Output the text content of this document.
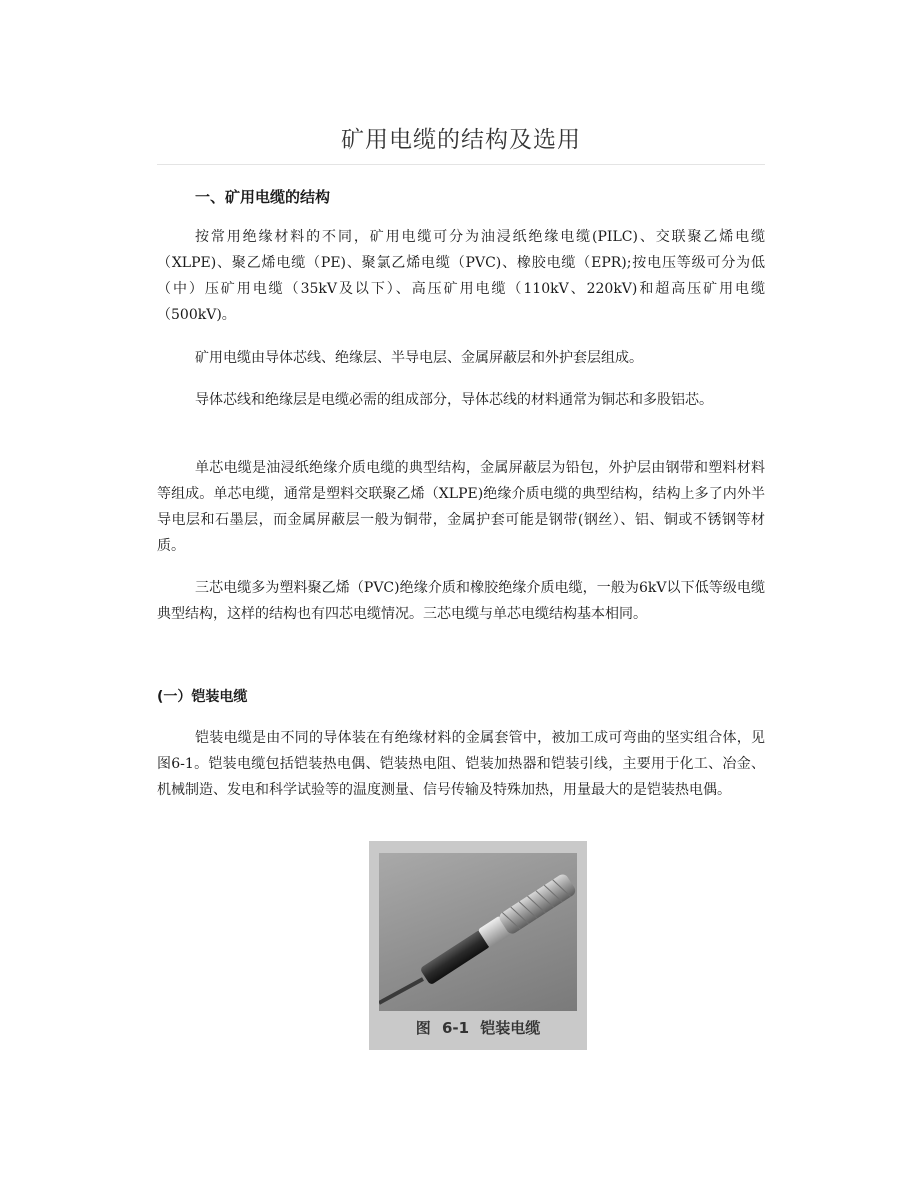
矿用电缆的结构及选用
一、矿用电缆的结构

按常用绝缘材料的不同，矿用电缆可分为油浸纸绝缘电缆(PILC)、交联聚乙烯电缆（XLPE)、聚乙烯电缆（PE)、聚氯乙烯电缆（PVC)、橡胶电缆（EPR);按电压等级可分为低（中）压矿用电缆（35kV及以下）、高压矿用电缆（110kV、220kV)和超高压矿用电缆（500kV)。

矿用电缆由导体芯线、绝缘层、半导电层、金属屏蔽层和外护套层组成。

导体芯线和绝缘层是电缆必需的组成部分，导体芯线的材料通常为铜芯和多股铝芯。

单芯电缆是油浸纸绝缘介质电缆的典型结构，金属屏蔽层为铅包，外护层由钢带和塑料材料等组成。单芯电缆，通常是塑料交联聚乙烯（XLPE)绝缘介质电缆的典型结构，结构上多了内外半导电层和石墨层，而金属屏蔽层一般为铜带，金属护套可能是钢带(钢丝）、铝、铜或不锈钢等材质。

三芯电缆多为塑料聚乙烯（PVC)绝缘介质和橡胶绝缘介质电缆，一般为6kV以下低等级电缆典型结构，这样的结构也有四芯电缆情况。三芯电缆与单芯电缆结构基本相同。

(一）铠装电缆

铠装电缆是由不同的导体装在有绝缘材料的金属套管中，被加工成可弯曲的坚实组合体，见图6-1。铠装电缆包括铠装热电偶、铠装热电阻、铠装加热器和铠装引线，主要用于化工、冶金、机械制造、发电和科学试验等的温度测量、信号传输及特殊加热，用量最大的是铠装热电偶。

图 6-1 铠装电缆
